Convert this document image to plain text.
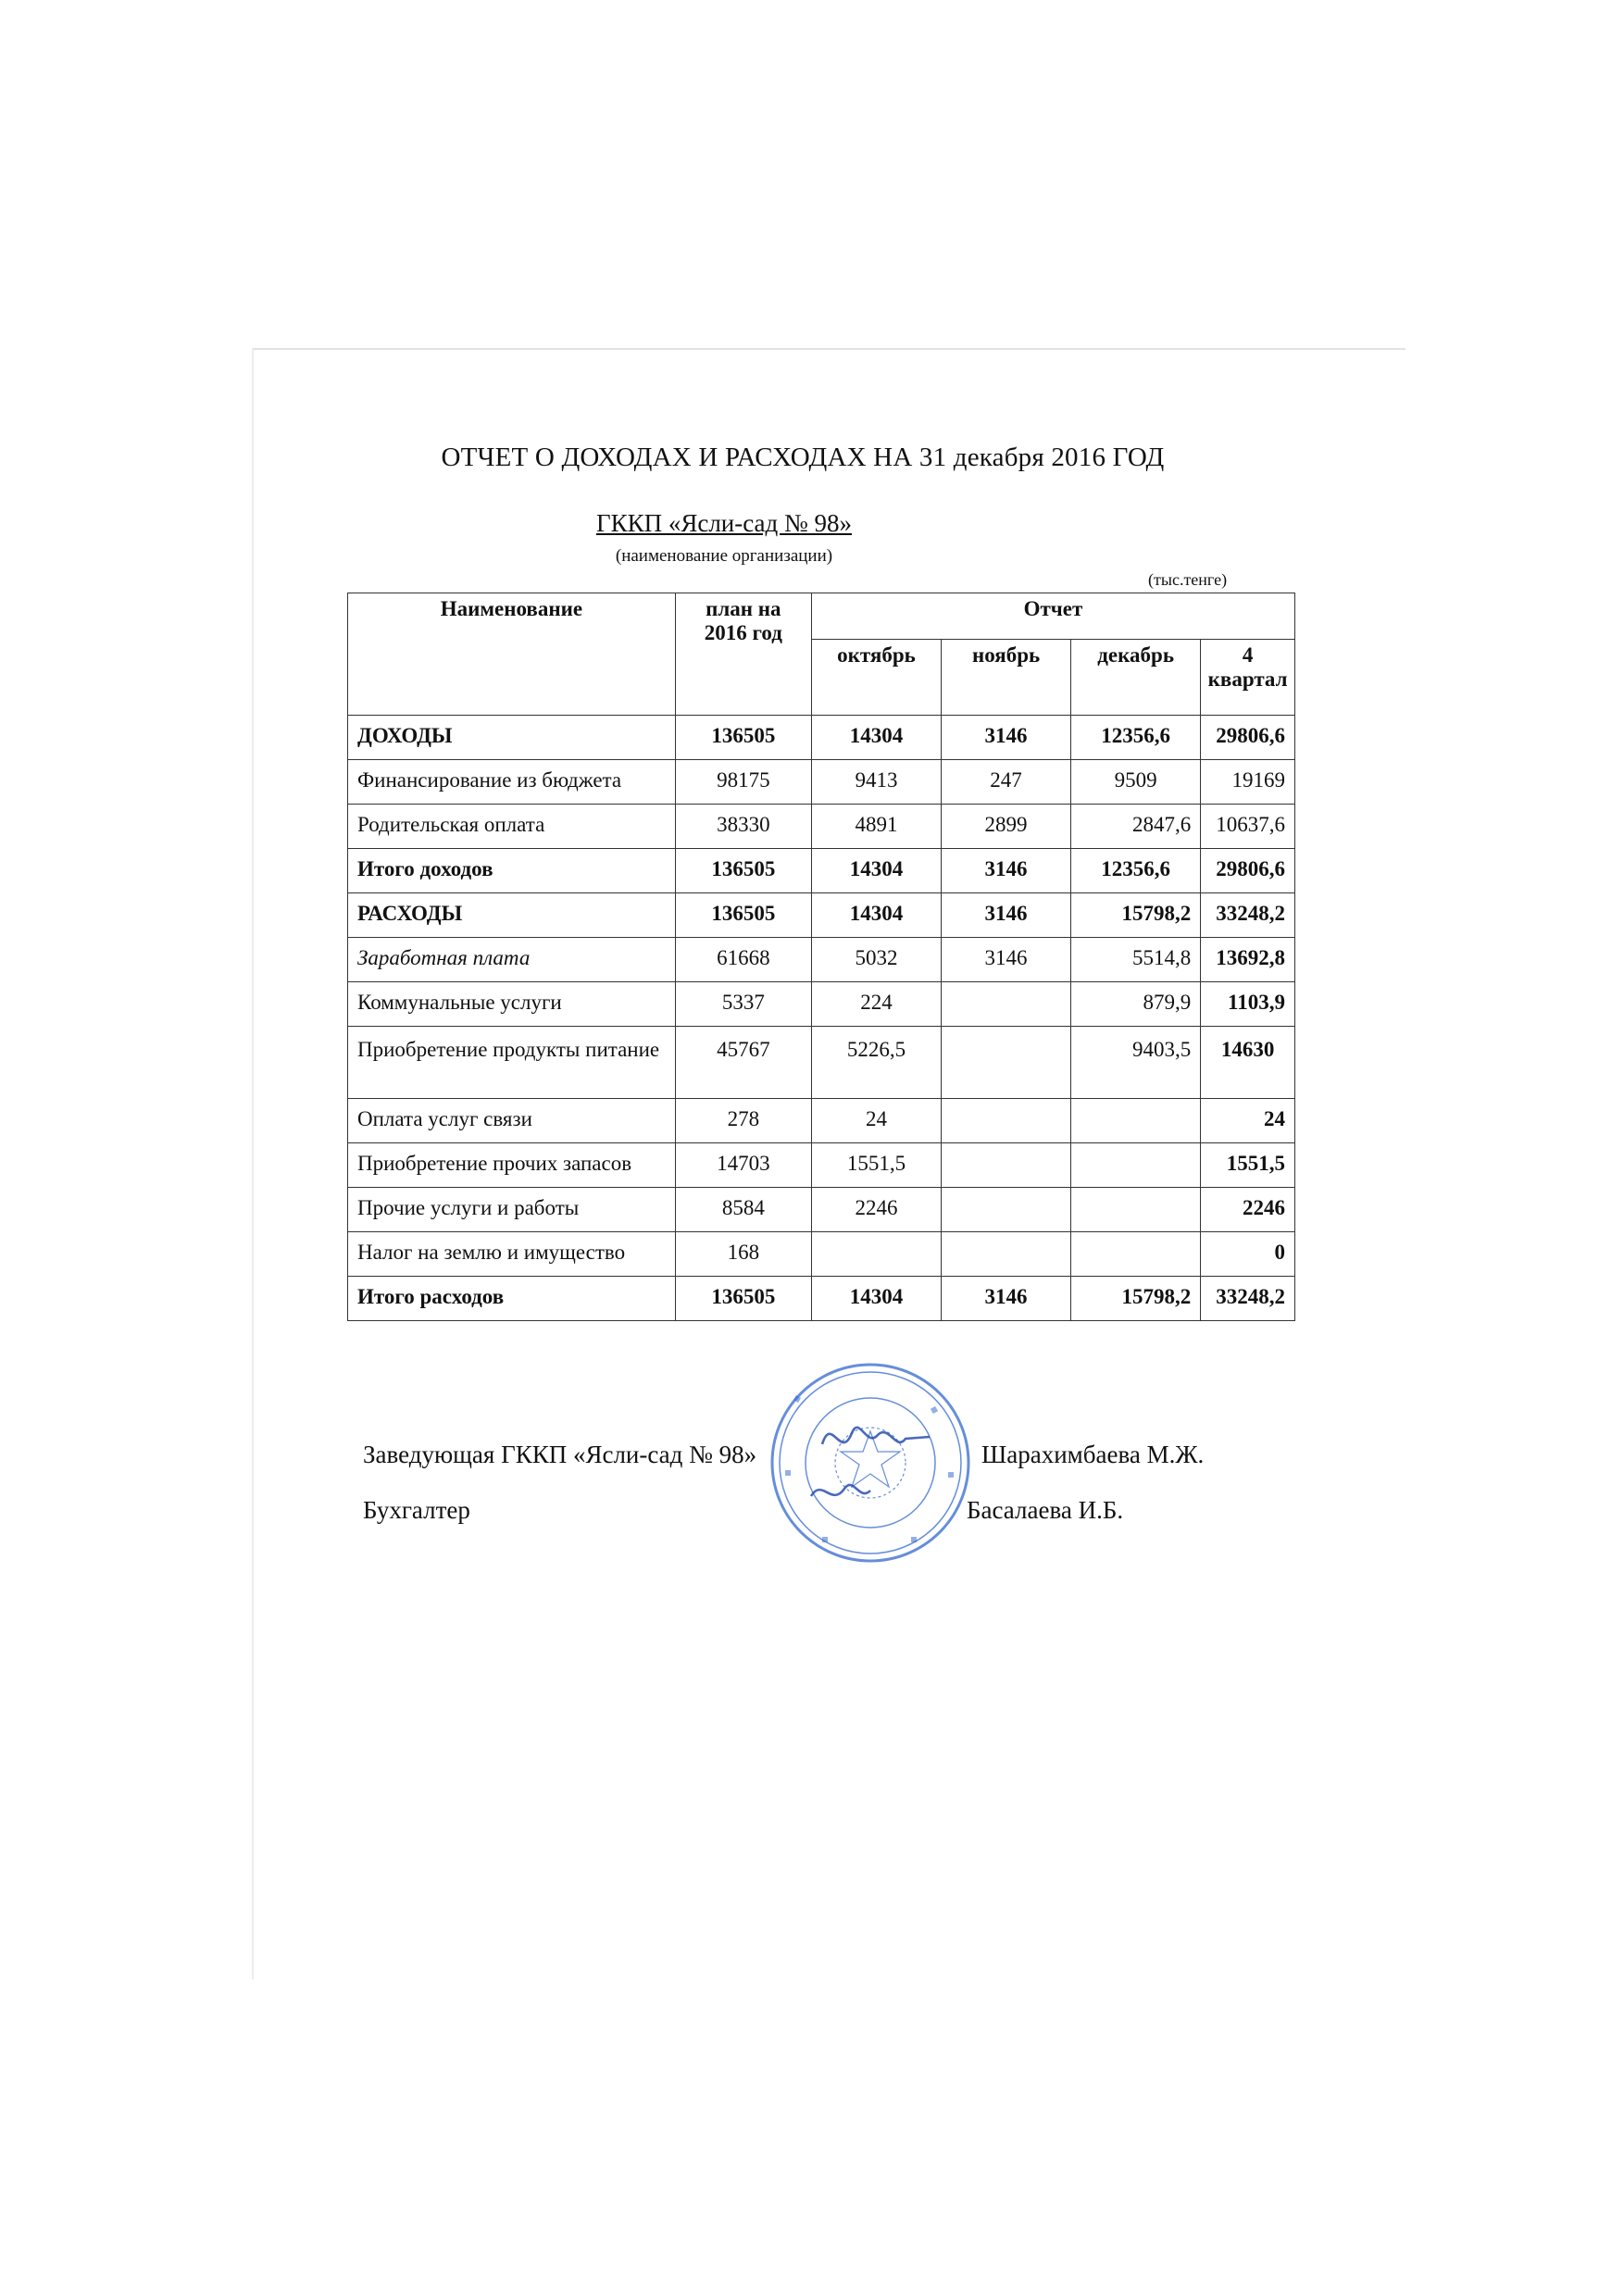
ОТЧЕТ О ДОХОДАХ И РАСХОДАХ НА 31 декабря 2016 ГОД
ГККП «Ясли-сад № 98»
(наименование организации)
(тыс.тенге)
Наименование	план на 2016 год	Отчет			
		октябрь	ноябрь	декабрь	4 квартал
ДОХОДЫ	136505	14304	3146	12356,6	29806,6
Финансирование из бюджета	98175	9413	247	9509	19169
Родительская оплата	38330	4891	2899	2847,6	10637,6
Итого доходов	136505	14304	3146	12356,6	29806,6
РАСХОДЫ	136505	14304	3146	15798,2	33248,2
Заработная плата	61668	5032	3146	5514,8	13692,8
Коммунальные услуги	5337	224		879,9	1103,9
Приобретение продукты питание	45767	5226,5		9403,5	14630
Оплата услуг связи	278	24			24
Приобретение прочих запасов	14703	1551,5			1551,5
Прочие услуги и работы	8584	2246			2246
Налог на землю и имущество	168				0
Итого расходов	136505	14304	3146	15798,2	33248,2
Заведующая ГККП «Ясли-сад № 98»	Шарахимбаева М.Ж.
Бухгалтер	Басалаева И.Б.
